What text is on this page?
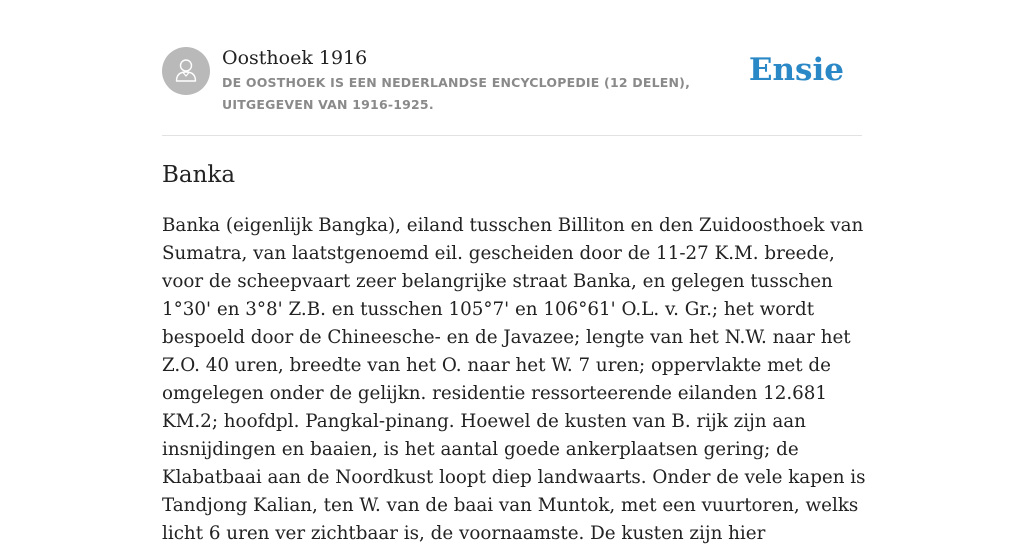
Oosthoek 1916
DE OOSTHOEK IS EEN NEDERLANDSE ENCYCLOPEDIE (12 DELEN), UITGEGEVEN VAN 1916-1925.
Ensie
Banka

Banka (eigenlijk Bangka), eiland tusschen Billiton en den Zuidoosthoek van Sumatra, van laatstgenoemd eil. gescheiden door de 11-27 K.M. breede, voor de scheepvaart zeer belangrijke straat Banka, en gelegen tusschen 1°30' en 3°8' Z.B. en tusschen 105°7' en 106°61' O.L. v. Gr.; het wordt bespoeld door de Chineesche- en de Javazee; lengte van het N.W. naar het Z.O. 40 uren, breedte van het O. naar het W. 7 uren; oppervlakte met de omgelegen onder de gelijkn. residentie ressorteerende eilanden 12.681 KM.2; hoofdpl. Pangkal-pinang. Hoewel de kusten van B. rijk zijn aan insnijdingen en baaien, is het aantal goede ankerplaatsen gering; de Klabatbaai aan de Noordkust loopt diep landwaarts. Onder de vele kapen is Tandjong Kalian, ten W. van de baai van Muntok, met een vuurtoren, welks licht 6 uren ver zichtbaar is, de voornaamste. De kusten zijn hier
